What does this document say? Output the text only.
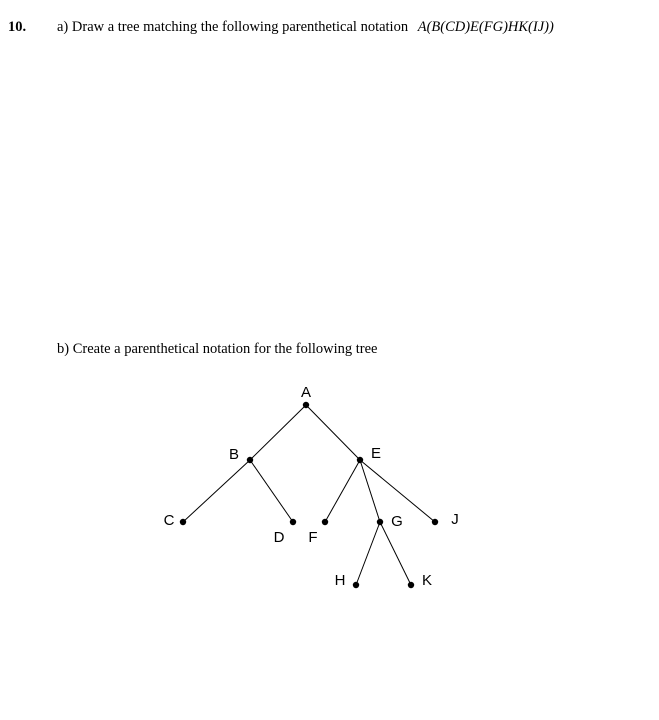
10. a) Draw a tree matching the following parenthetical notation A(B(CD)E(FG)HK(IJ))
b) Create a parenthetical notation for the following tree
A
B	E
C
D F
G	J
H	K
